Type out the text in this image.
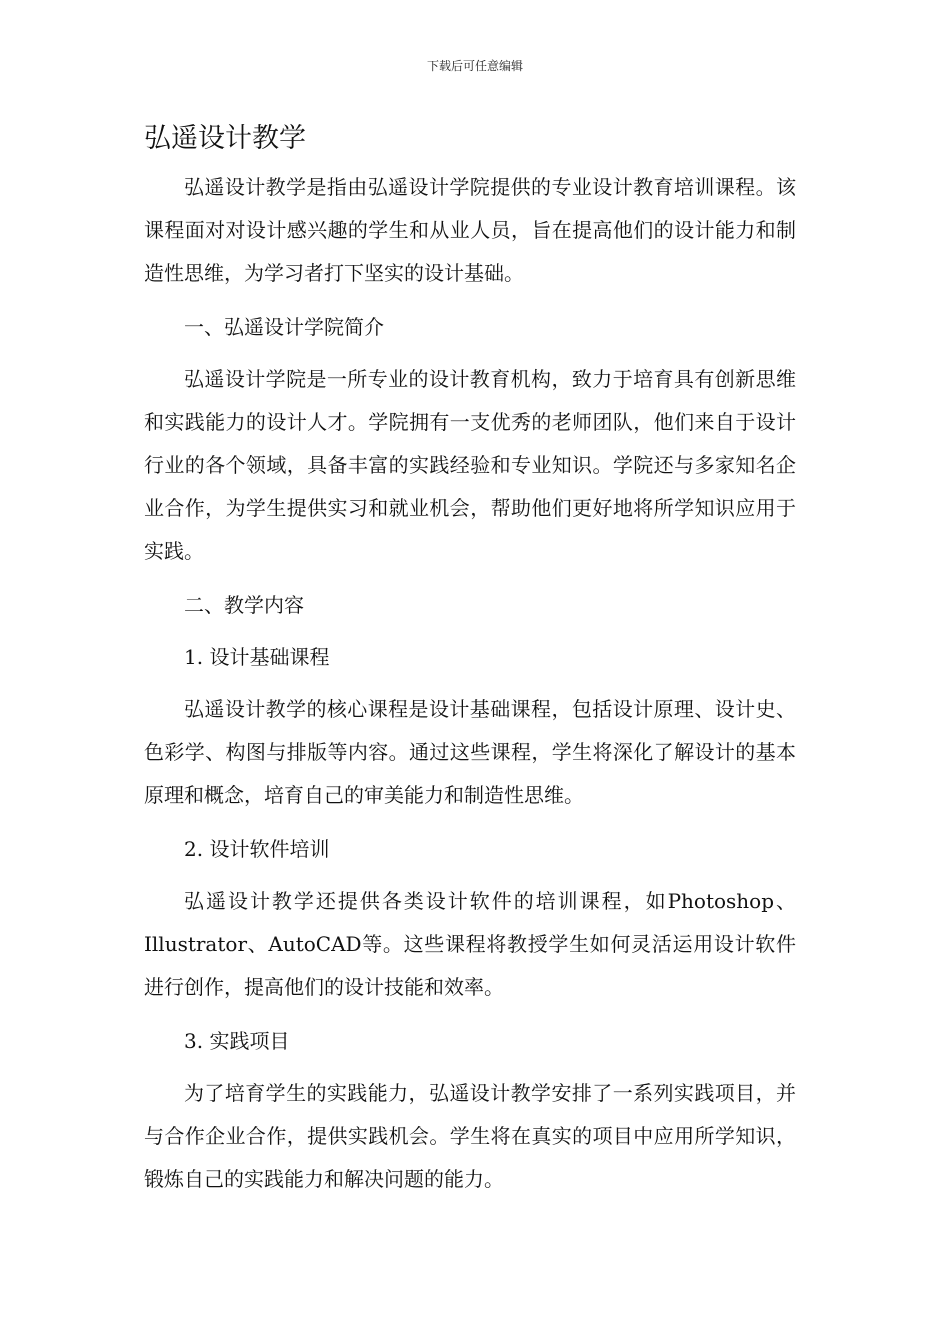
下载后可任意编辑
弘遥设计教学

弘遥设计教学是指由弘遥设计学院提供的专业设计教育培训课程。该课程面对对设计感兴趣的学生和从业人员，旨在提高他们的设计能力和制造性思维，为学习者打下坚实的设计基础。

一、弘遥设计学院简介

弘遥设计学院是一所专业的设计教育机构，致力于培育具有创新思维和实践能力的设计人才。学院拥有一支优秀的老师团队，他们来自于设计行业的各个领域，具备丰富的实践经验和专业知识。学院还与多家知名企业合作，为学生提供实习和就业机会，帮助他们更好地将所学知识应用于实践。

二、教学内容

1. 设计基础课程

弘遥设计教学的核心课程是设计基础课程，包括设计原理、设计史、色彩学、构图与排版等内容。通过这些课程，学生将深化了解设计的基本原理和概念，培育自己的审美能力和制造性思维。

2. 设计软件培训

弘遥设计教学还提供各类设计软件的培训课程，如Photoshop、Illustrator、AutoCAD等。这些课程将教授学生如何灵活运用设计软件进行创作，提高他们的设计技能和效率。

3. 实践项目

为了培育学生的实践能力，弘遥设计教学安排了一系列实践项目，并与合作企业合作，提供实践机会。学生将在真实的项目中应用所学知识，锻炼自己的实践能力和解决问题的能力。
